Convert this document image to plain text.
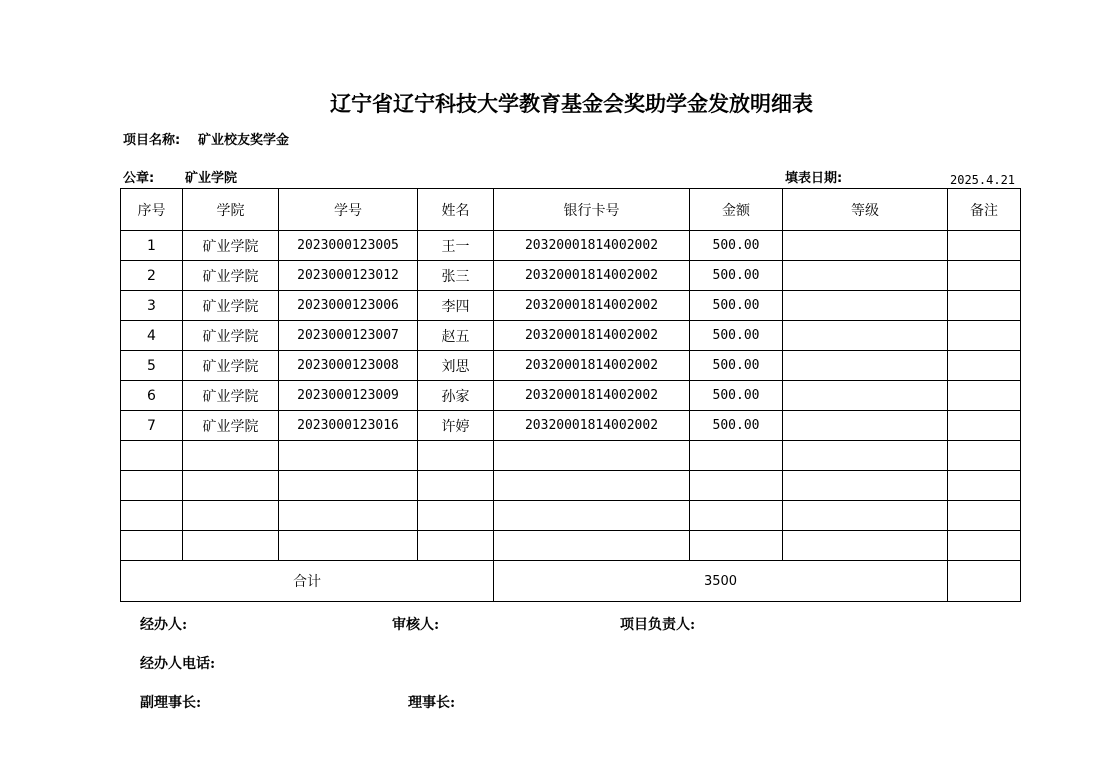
辽宁省辽宁科技大学教育基金会奖助学金发放明细表
项目名称: 矿业校友奖学金
公章: 矿业学院	填表日期:	2025.4.21
序号	学院	学号	姓名	银行卡号	金额	等级	备注
1	矿业学院	2023000123005	王一	20320001814002002	500.00		
2	矿业学院	2023000123012	张三	20320001814002002	500.00		
3	矿业学院	2023000123006	李四	20320001814002002	500.00		
4	矿业学院	2023000123007	赵五	20320001814002002	500.00		
5	矿业学院	2023000123008	刘思	20320001814002002	500.00		
6	矿业学院	2023000123009	孙家	20320001814002002	500.00		
7	矿业学院	2023000123016	许婷	20320001814002002	500.00		

合计				3500			
经办人:	审核人:	项目负责人:
经办人电话:
副理事长:	理事长:
